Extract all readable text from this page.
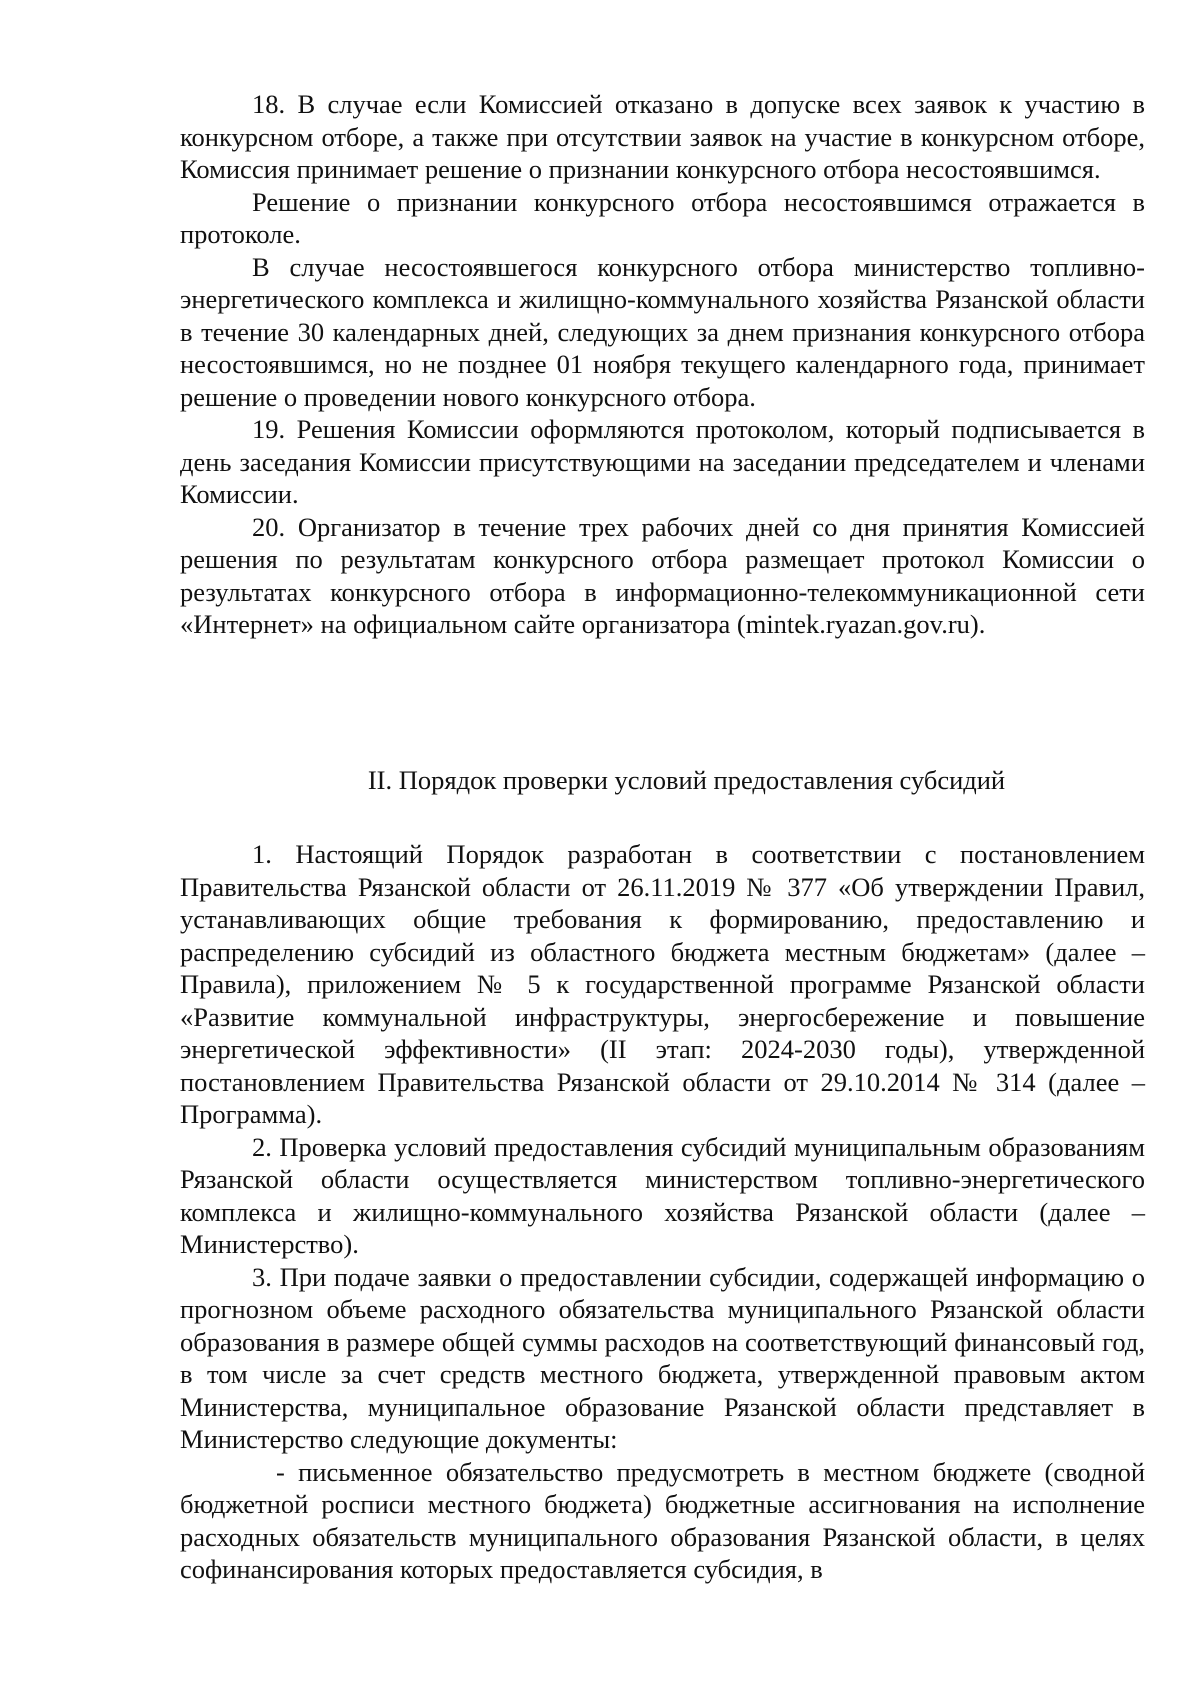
18. В случае если Комиссией отказано в допуске всех заявок к участию в конкурсном отборе, а также при отсутствии заявок на участие в конкурсном отборе, Комиссия принимает решение о признании конкурсного отбора несостоявшимся.

Решение о признании конкурсного отбора несостоявшимся отражается в протоколе.

В случае несостоявшегося конкурсного отбора министерство топливно-энергетического комплекса и жилищно-коммунального хозяйства Рязанской области в течение 30 календарных дней, следующих за днем признания конкурсного отбора несостоявшимся, но не позднее 01 ноября текущего календарного года, принимает решение о проведении нового конкурсного отбора.

19. Решения Комиссии оформляются протоколом, который подписывается в день заседания Комиссии присутствующими на заседании председателем и членами Комиссии.

20. Организатор в течение трех рабочих дней со дня принятия Комиссией решения по результатам конкурсного отбора размещает протокол Комиссии о результатах конкурсного отбора в информационно-телекоммуникационной сети «Интернет» на официальном сайте организатора (mintek.ryazan.gov.ru).

II. Порядок проверки условий предоставления субсидий

1. Настоящий Порядок разработан в соответствии с постановлением Правительства Рязанской области от 26.11.2019 № 377 «Об утверждении Правил, устанавливающих общие требования к формированию, предоставлению и распределению субсидий из областного бюджета местным бюджетам» (далее – Правила), приложением № 5 к государственной программе Рязанской области «Развитие коммунальной инфраструктуры, энергосбережение и повышение энергетической эффективности» (II этап: 2024-2030 годы), утвержденной постановлением Правительства Рязанской области от 29.10.2014 № 314 (далее – Программа).

2. Проверка условий предоставления субсидий муниципальным образованиям Рязанской области осуществляется министерством топливно-энергетического комплекса и жилищно-коммунального хозяйства Рязанской области (далее – Министерство).

3. При подаче заявки о предоставлении субсидии, содержащей информацию о прогнозном объеме расходного обязательства муниципального Рязанской области образования в размере общей суммы расходов на соответствующий финансовый год, в том числе за счет средств местного бюджета, утвержденной правовым актом Министерства, муниципальное образование Рязанской области представляет в Министерство следующие документы:

- письменное обязательство предусмотреть в местном бюджете (сводной бюджетной росписи местного бюджета) бюджетные ассигнования на исполнение расходных обязательств муниципального образования Рязанской области, в целях софинансирования которых предоставляется субсидия, в
